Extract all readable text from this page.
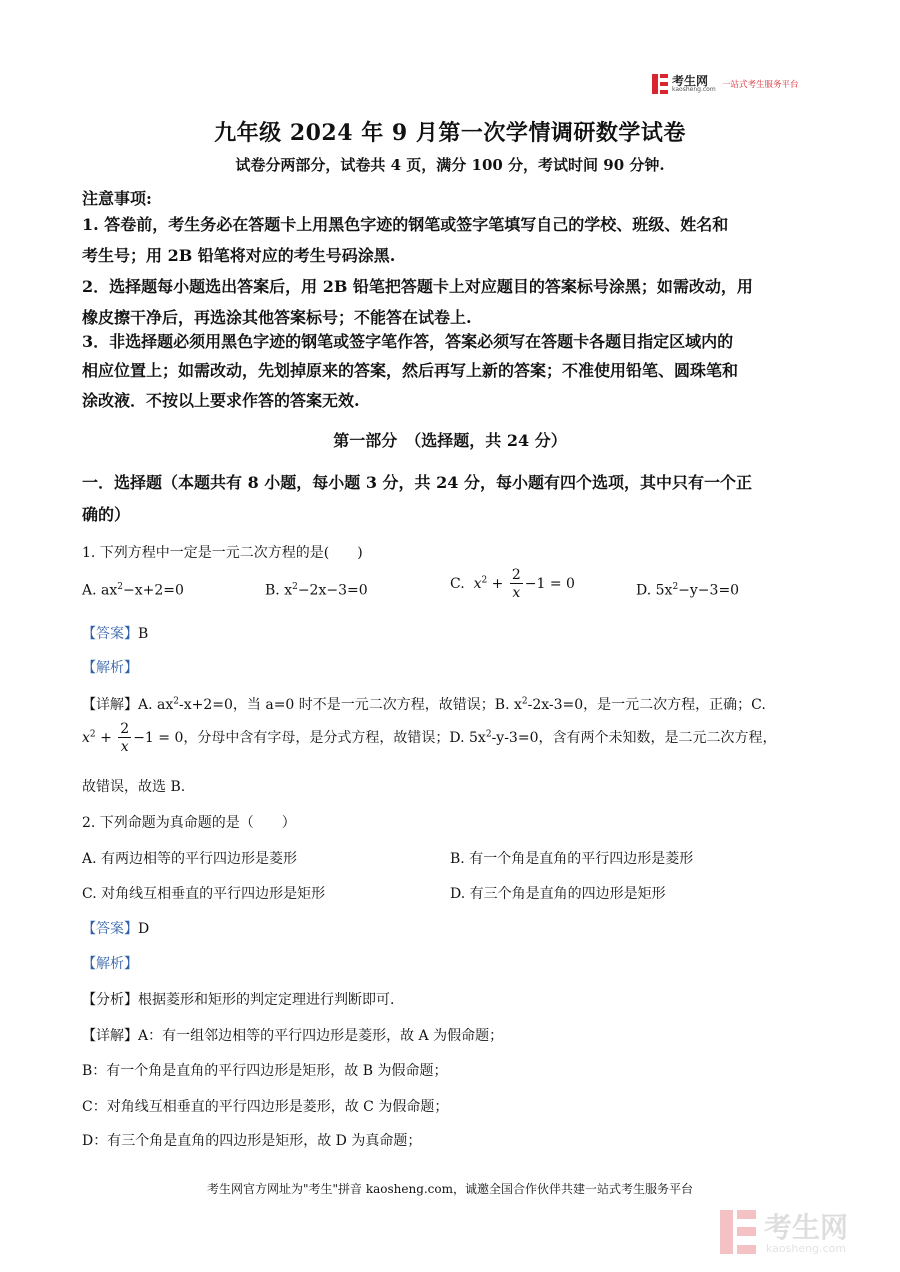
考生网
kaosheng.com 一站式考生服务平台
九年级 2024 年 9 月第一次学情调研数学试卷
试卷分两部分，试卷共 4 页，满分 100 分，考试时间 90 分钟.
注意事项:
1. 答卷前，考生务必在答题卡上用黑色字迹的钢笔或签字笔填写自己的学校、班级、姓名和
考生号；用 2B 铅笔将对应的考生号码涂黑.
2．选择题每小题选出答案后，用 2B 铅笔把答题卡上对应题目的答案标号涂黑；如需改动，用
橡皮擦干净后，再选涂其他答案标号；不能答在试卷上.
3．非选择题必须用黑色字迹的钢笔或签字笔作答，答案必须写在答题卡各题目指定区域内的
相应位置上；如需改动，先划掉原来的答案，然后再写上新的答案；不准使用铅笔、圆珠笔和
涂改液．不按以上要求作答的答案无效.
第一部分　（选择题，共 24 分）
一．选择题（本题共有 8 小题，每小题 3 分，共 24 分，每小题有四个选项，其中只有一个正
确的）
1. 下列方程中一定是一元二次方程的是(　　)
A. $ax^2-x+2=0$	B. $x^2-2x-3=0$	C. $x^2 + \frac{2}{x} -1 = 0$	D. $5x^2-y-3=0$
【答案】B
【解析】
【详解】A. $ax^2-x+2=0$，当 a=0 时不是一元二次方程，故错误；B. $x^2-2x-3=0$，是一元二次方程，正确；C.
$x^2 + \frac{2}{x} -1 = 0$，分母中含有字母，是分式方程，故错误；D. $5x^2-y-3=0$，含有两个未知数，是二元二次方程，
故错误，故选 B.
2. 下列命题为真命题的是（　　）
A. 有两边相等的平行四边形是菱形	B. 有一个角是直角的平行四边形是菱形
C. 对角线互相垂直的平行四边形是矩形	D. 有三个角是直角的四边形是矩形
【答案】D
【解析】
【分析】根据菱形和矩形的判定定理进行判断即可.
【详解】A：有一组邻边相等的平行四边形是菱形，故 A 为假命题；
B：有一个角是直角的平行四边形是矩形，故 B 为假命题；
C：对角线互相垂直的平行四边形是菱形，故 C 为假命题；
D：有三个角是直角的四边形是矩形，故 D 为真命题；
考生网官方网址为"考生"拼音 kaosheng.com，诚邀全国合作伙伴共建一站式考生服务平台
考生网
kaosheng.com
